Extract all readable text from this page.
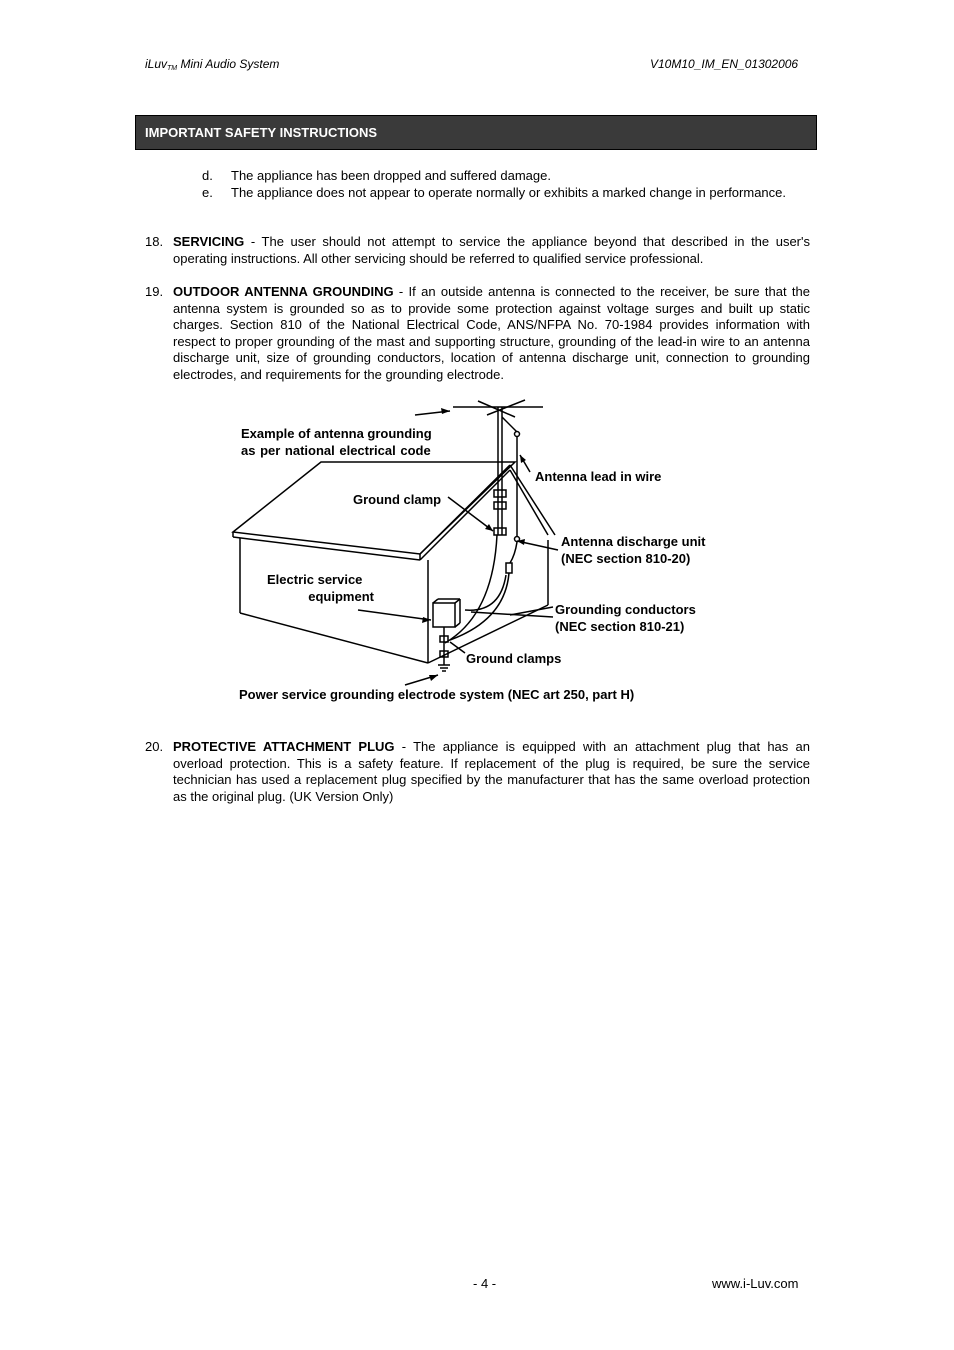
iLuv$_{TM}$ Mini Audio System	V10M10_IM_EN_01302006
IMPORTANT SAFETY INSTRUCTIONS
d. The appliance has been dropped and suffered damage.
e. The appliance does not appear to operate normally or exhibits a marked change in performance.
18. SERVICING - The user should not attempt to service the appliance beyond that described in the user's operating instructions. All other servicing should be referred to qualified service professional.
19. OUTDOOR ANTENNA GROUNDING - If an outside antenna is connected to the receiver, be sure that the antenna system is grounded so as to provide some protection against voltage surges and built up static charges. Section 810 of the National Electrical Code, ANS/NFPA No. 70-1984 provides information with respect to proper grounding of the mast and supporting structure, grounding of the lead-in wire to an antenna discharge unit, size of grounding conductors, location of antenna discharge unit, connection to grounding electrodes, and requirements for the grounding electrode.
Example of antenna grounding
as per national electrical code
Antenna lead in wire
Ground clamp
Antenna discharge unit
(NEC section 810-20)
Electric service
equipment
Grounding conductors
(NEC section 810-21)
Ground clamps
Power service grounding electrode system (NEC art 250, part H)
20. PROTECTIVE ATTACHMENT PLUG - The appliance is equipped with an attachment plug that has an overload protection. This is a safety feature. If replacement of the plug is required, be sure the service technician has used a replacement plug specified by the manufacturer that has the same overload protection as the original plug. (UK Version Only)
- 4 -	www.i-Luv.com
